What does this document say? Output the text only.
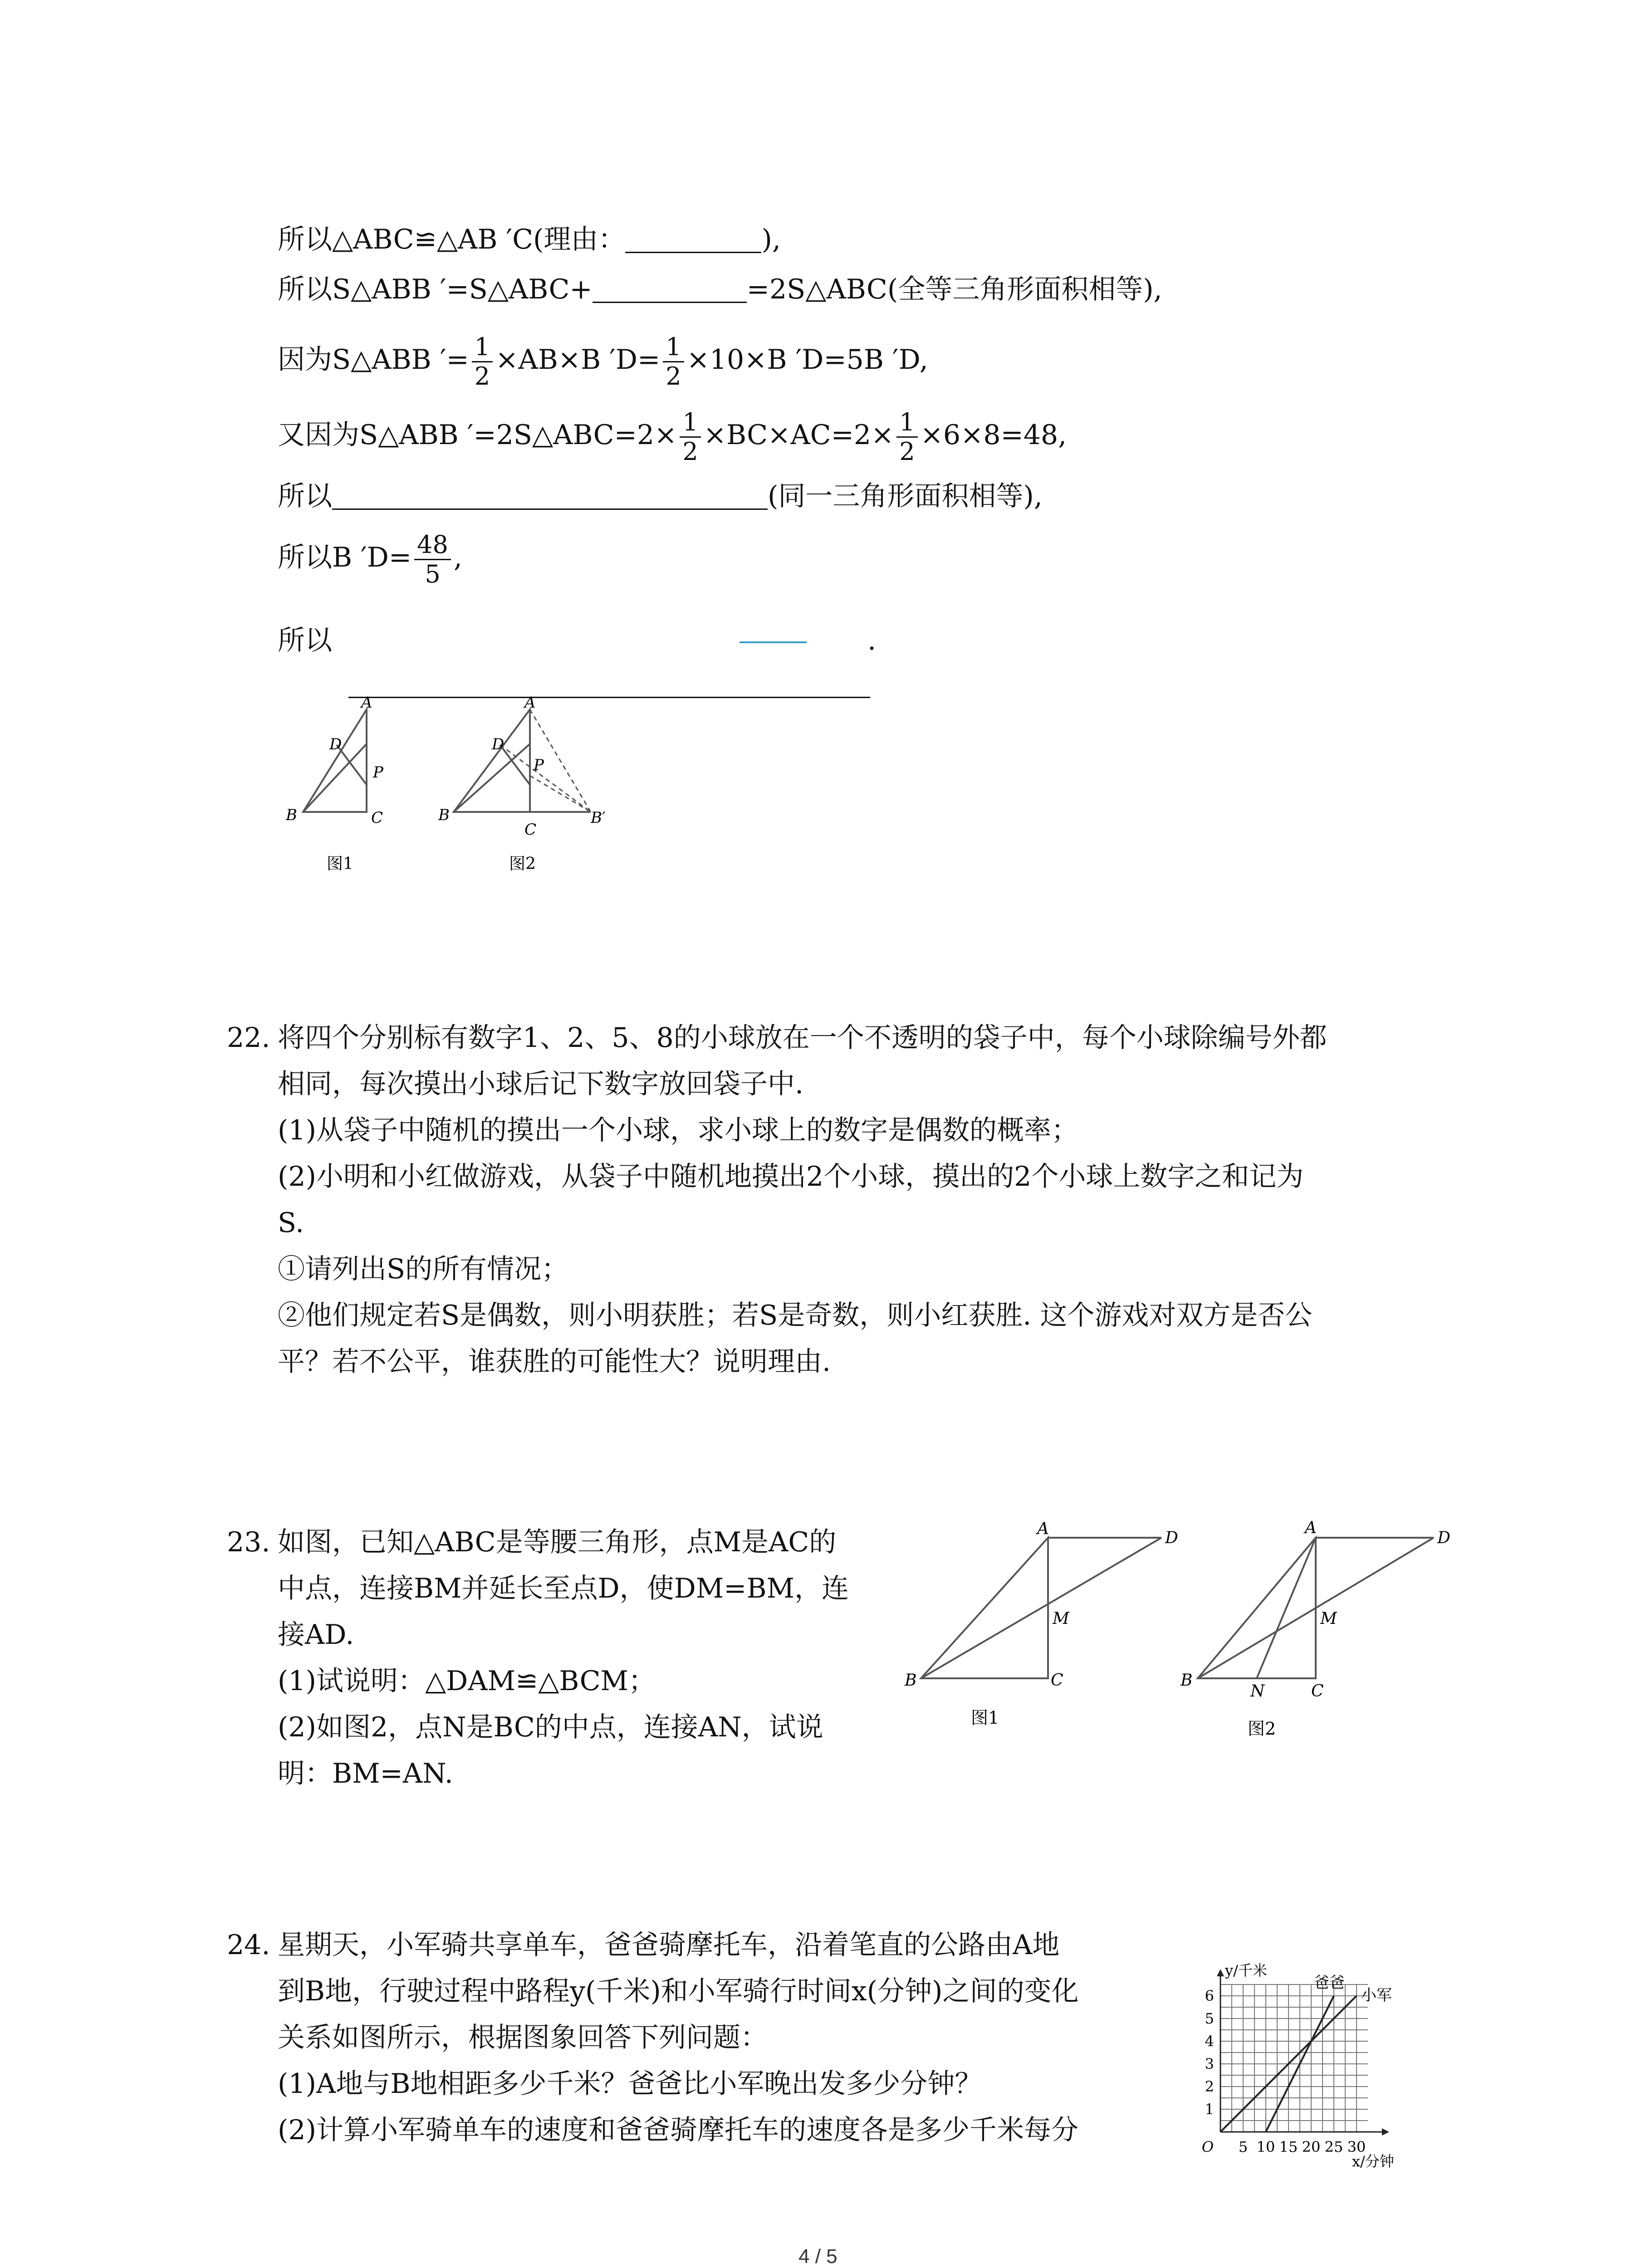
所以△ABC≌△AB ′C(理由：	),
所以S△ABB ′=S△ABC+	=2S△ABC(全等三角形面积相等),
因为S△ABB ′= $\frac{1}{2} \times AB\times B$ $'D= \frac{1}{2} \times 10\times B$ ′D=5B ′D,
又因为S△ABB ′=2S△ABC=2× $\frac{1}{2} \times BC\times AC=2\times \frac{1}{2} \times 6\times 8=48$,
所以	(同一三角形面积相等),
所以B $'D= \frac{48}{5}$ ,
所以	.
A
D
P
B	C
图1
A
D
P
B
C
B′
图2
22. 将四个分别标有数字1、2、5、8的小球放在一个不透明的袋子中，每个小球除编号外都
相同，每次摸出小球后记下数字放回袋子中.
(1)从袋子中随机的摸出一个小球，求小球上的数字是偶数的概率；
(2)小明和小红做游戏，从袋子中随机地摸出2个小球，摸出的2个小球上数字之和记为
S.
①请列出S的所有情况；
②他们规定若S是偶数，则小明获胜；若S是奇数，则小红获胜. 这个游戏对双方是否公
平？若不公平，谁获胜的可能性大？说明理由.
23. 如图，已知△ABC是等腰三角形，点M是AC的
中点，连接BM并延长至点D，使DM=BM，连
接AD.
(1)试说明：△DAM≌△BCM；
(2)如图2，点N是BC的中点，连接AN，试说
明：BM=AN.
A	D
M
B	C
图1
A
D
M
B
N	C
图2
24. 星期天，小军骑共享单车，爸爸骑摩托车，沿着笔直的公路由A地
到B地，行驶过程中路程y(千米)和小军骑行时间x(分钟)之间的变化
关系如图所示，根据图象回答下列问题：
(1)A地与B地相距多少千米？爸爸比小军晚出发多少分钟？
(2)计算小军骑单车的速度和爸爸骑摩托车的速度各是多少千米每分
5 10 15 20 25 30
1
2
3
4
5
6
O
x/分钟
y/千米
小军
爸爸
4 / 5
